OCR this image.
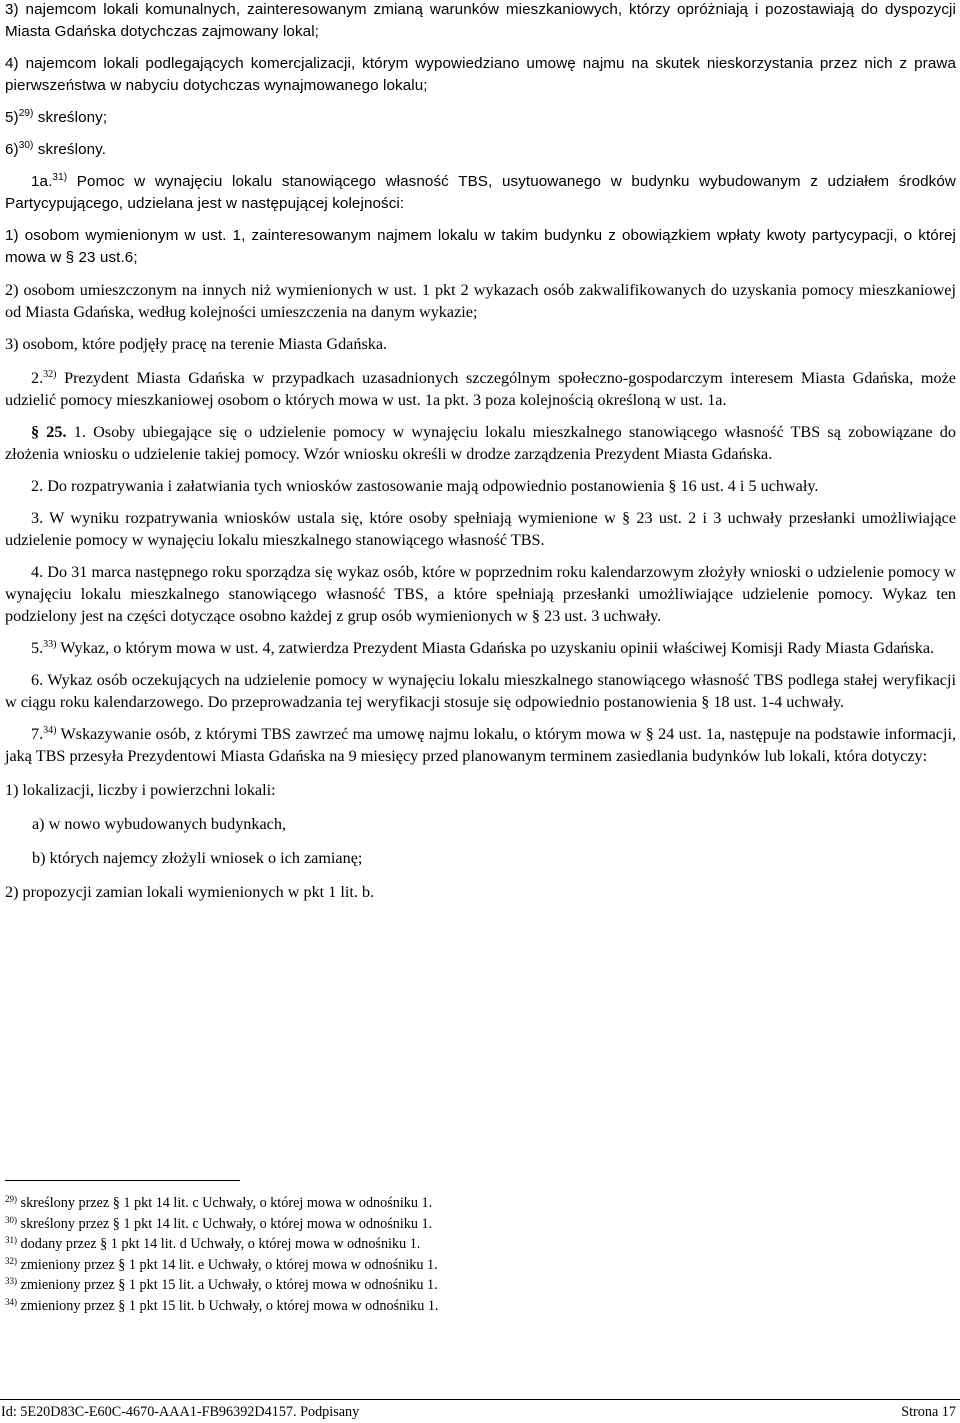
3) najemcom lokali komunalnych, zainteresowanym zmianą warunków mieszkaniowych, którzy opróżniają i pozostawiają do dyspozycji Miasta Gdańska dotychczas zajmowany lokal;

4) najemcom lokali podlegających komercjalizacji, którym wypowiedziano umowę najmu na skutek nieskorzystania przez nich z prawa pierwszeństwa w nabyciu dotychczas wynajmowanego lokalu;

5)$^{29)}$ skreślony;

6)$^{30)}$ skreślony.

1a.$^{31)}$ Pomoc w wynajęciu lokalu stanowiącego własność TBS, usytuowanego w budynku wybudowanym z udziałem środków Partycypującego, udzielana jest w następującej kolejności:

1) osobom wymienionym w ust. 1, zainteresowanym najmem lokalu w takim budynku z obowiązkiem wpłaty kwoty partycypacji, o której mowa w § 23 ust.6;

2) osobom umieszczonym na innych niż wymienionych w ust. 1 pkt 2 wykazach osób zakwalifikowanych do uzyskania pomocy mieszkaniowej od Miasta Gdańska, według kolejności umieszczenia na danym wykazie;

3) osobom, które podjęły pracę na terenie Miasta Gdańska.

2.$^{32)}$ Prezydent Miasta Gdańska w przypadkach uzasadnionych szczególnym społeczno-gospodarczym interesem Miasta Gdańska, może udzielić pomocy mieszkaniowej osobom o których mowa w ust. 1a pkt. 3 poza kolejnością określoną w ust. 1a.

§ 25. 1. Osoby ubiegające się o udzielenie pomocy w wynajęciu lokalu mieszkalnego stanowiącego własność TBS są zobowiązane do złożenia wniosku o udzielenie takiej pomocy. Wzór wniosku określi w drodze zarządzenia Prezydent Miasta Gdańska.

2. Do rozpatrywania i załatwiania tych wniosków zastosowanie mają odpowiednio postanowienia § 16 ust. 4 i 5 uchwały.

3. W wyniku rozpatrywania wniosków ustala się, które osoby spełniają wymienione w § 23 ust. 2 i 3 uchwały przesłanki umożliwiające udzielenie pomocy w wynajęciu lokalu mieszkalnego stanowiącego własność TBS.

4. Do 31 marca następnego roku sporządza się wykaz osób, które w poprzednim roku kalendarzowym złożyły wnioski o udzielenie pomocy w wynajęciu lokalu mieszkalnego stanowiącego własność TBS, a które spełniają przesłanki umożliwiające udzielenie pomocy. Wykaz ten podzielony jest na części dotyczące osobno każdej z grup osób wymienionych w § 23 ust. 3 uchwały.

5.$^{33)}$ Wykaz, o którym mowa w ust. 4, zatwierdza Prezydent Miasta Gdańska po uzyskaniu opinii właściwej Komisji Rady Miasta Gdańska.

6. Wykaz osób oczekujących na udzielenie pomocy w wynajęciu lokalu mieszkalnego stanowiącego własność TBS podlega stałej weryfikacji w ciągu roku kalendarzowego. Do przeprowadzania tej weryfikacji stosuje się odpowiednio postanowienia § 18 ust. 1-4 uchwały.

7.$^{34)}$ Wskazywanie osób, z którymi TBS zawrzeć ma umowę najmu lokalu, o którym mowa w § 24 ust. 1a, następuje na podstawie informacji, jaką TBS przesyła Prezydentowi Miasta Gdańska na 9 miesięcy przed planowanym terminem zasiedlania budynków lub lokali, która dotyczy:

1) lokalizacji, liczby i powierzchni lokali:

a) w nowo wybudowanych budynkach,

b) których najemcy złożyli wniosek o ich zamianę;

2) propozycji zamian lokali wymienionych w pkt 1 lit. b.

$^{29)}$ skreślony przez § 1 pkt 14 lit. c Uchwały, o której mowa w odnośniku 1.

$^{30)}$ skreślony przez § 1 pkt 14 lit. c Uchwały, o której mowa w odnośniku 1.

$^{31)}$ dodany przez § 1 pkt 14 lit. d Uchwały, o której mowa w odnośniku 1.

$^{32)}$ zmieniony przez § 1 pkt 14 lit. e Uchwały, o której mowa w odnośniku 1.

$^{33)}$ zmieniony przez § 1 pkt 15 lit. a Uchwały, o której mowa w odnośniku 1.

$^{34)}$ zmieniony przez § 1 pkt 15 lit. b Uchwały, o której mowa w odnośniku 1.

Id: 5E20D83C-E60C-4670-AAA1-FB96392D4157. Podpisany	Strona 17
